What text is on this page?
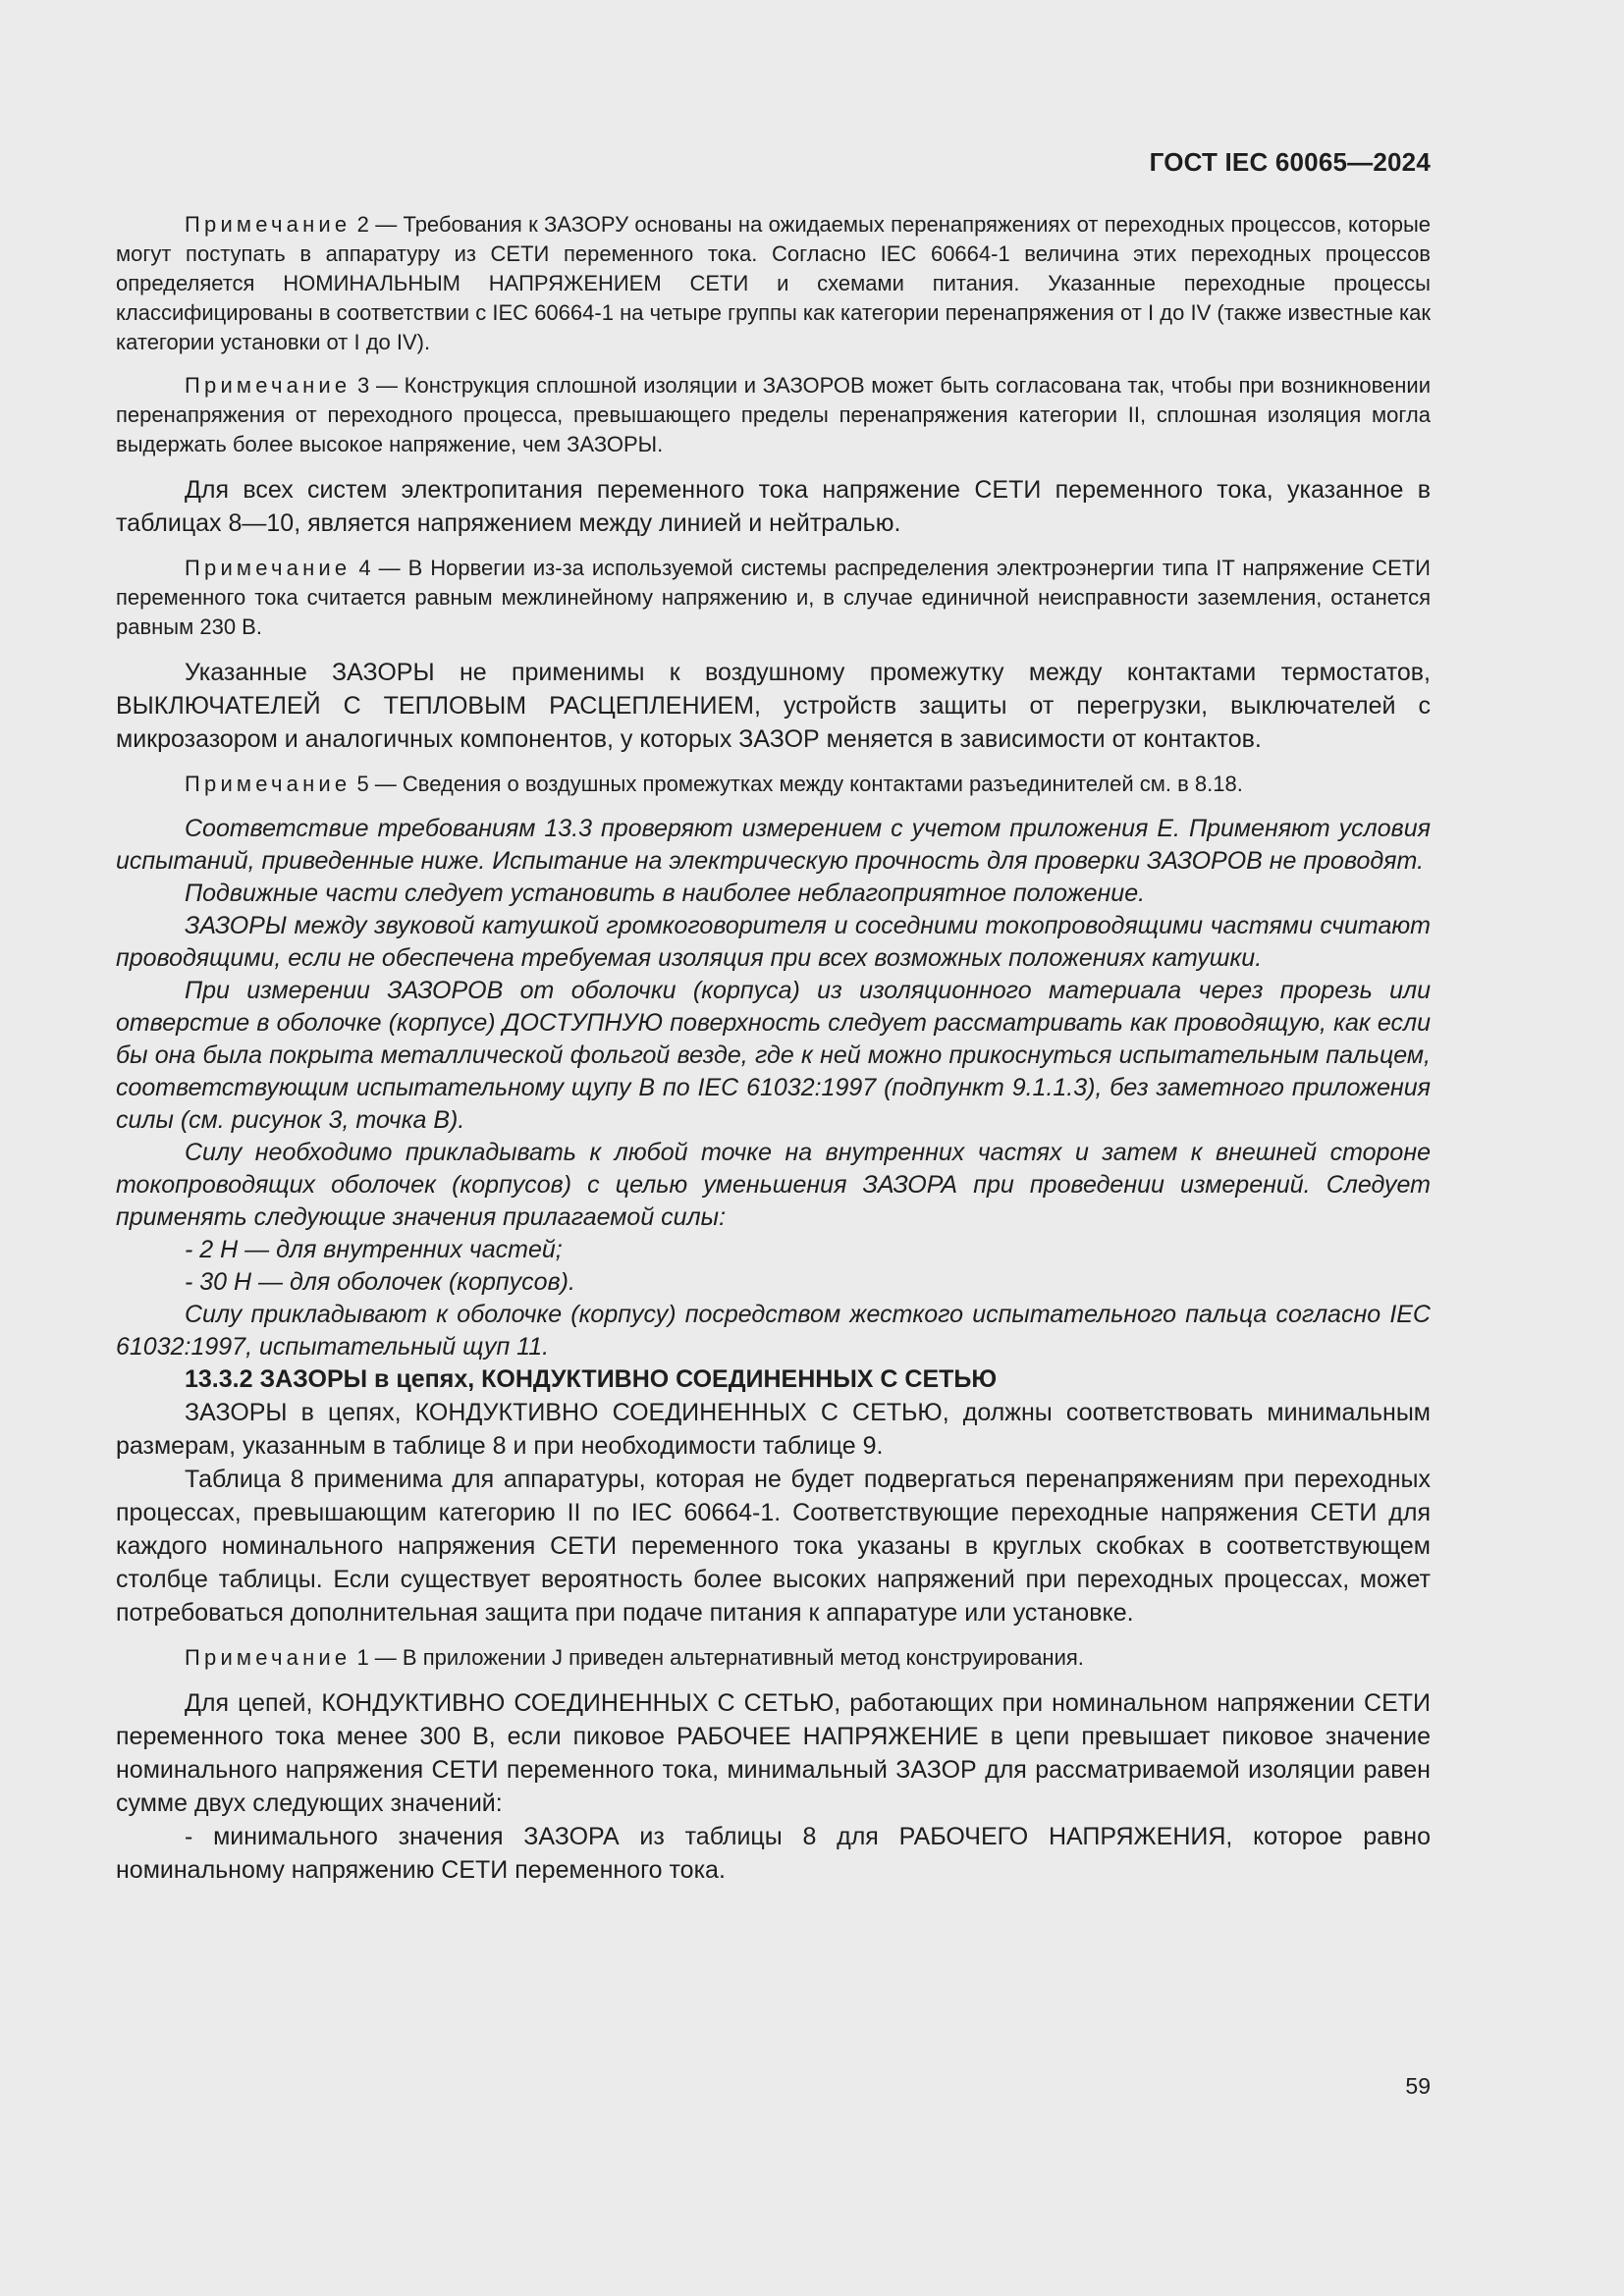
ГОСТ IEC 60065—2024

Примечание 2 — Требования к ЗАЗОРУ основаны на ожидаемых перенапряжениях от переходных процессов, которые могут поступать в аппаратуру из СЕТИ переменного тока. Согласно IEC 60664-1 величина этих переходных процессов определяется НОМИНАЛЬНЫМ НАПРЯЖЕНИЕМ СЕТИ и схемами питания. Указанные переходные процессы классифицированы в соответствии с IEC 60664-1 на четыре группы как категории перенапряжения от I до IV (также известные как категории установки от I до IV).

Примечание 3 — Конструкция сплошной изоляции и ЗАЗОРОВ может быть согласована так, чтобы при возникновении перенапряжения от переходного процесса, превышающего пределы перенапряжения категории II, сплошная изоляция могла выдержать более высокое напряжение, чем ЗАЗОРЫ.

Для всех систем электропитания переменного тока напряжение СЕТИ переменного тока, указанное в таблицах 8—10, является напряжением между линией и нейтралью.

Примечание 4 — В Норвегии из-за используемой системы распределения электроэнергии типа IT напряжение СЕТИ переменного тока считается равным межлинейному напряжению и, в случае единичной неисправности заземления, останется равным 230 В.

Указанные ЗАЗОРЫ не применимы к воздушному промежутку между контактами термостатов, ВЫКЛЮЧАТЕЛЕЙ С ТЕПЛОВЫМ РАСЦЕПЛЕНИЕМ, устройств защиты от перегрузки, выключателей с микрозазором и аналогичных компонентов, у которых ЗАЗОР меняется в зависимости от контактов.

Примечание 5 — Сведения о воздушных промежутках между контактами разъединителей см. в 8.18.

Соответствие требованиям 13.3 проверяют измерением с учетом приложения Е. Применяют условия испытаний, приведенные ниже. Испытание на электрическую прочность для проверки ЗАЗОРОВ не проводят.

Подвижные части следует установить в наиболее неблагоприятное положение.

ЗАЗОРЫ между звуковой катушкой громкоговорителя и соседними токопроводящими частями считают проводящими, если не обеспечена требуемая изоляция при всех возможных положениях катушки.

При измерении ЗАЗОРОВ от оболочки (корпуса) из изоляционного материала через прорезь или отверстие в оболочке (корпусе) ДОСТУПНУЮ поверхность следует рассматривать как проводящую, как если бы она была покрыта металлической фольгой везде, где к ней можно прикоснуться испытательным пальцем, соответствующим испытательному щупу В по IEC 61032:1997 (подпункт 9.1.1.3), без заметного приложения силы (см. рисунок 3, точка В).

Силу необходимо прикладывать к любой точке на внутренних частях и затем к внешней стороне токопроводящих оболочек (корпусов) с целью уменьшения ЗАЗОРА при проведении измерений. Следует применять следующие значения прилагаемой силы:

- 2 Н — для внутренних частей;

- 30 Н — для оболочек (корпусов).

Силу прикладывают к оболочке (корпусу) посредством жесткого испытательного пальца согласно IEC 61032:1997, испытательный щуп 11.

13.3.2 ЗАЗОРЫ в цепях, КОНДУКТИВНО СОЕДИНЕННЫХ С СЕТЬЮ

ЗАЗОРЫ в цепях, КОНДУКТИВНО СОЕДИНЕННЫХ С СЕТЬЮ, должны соответствовать минимальным размерам, указанным в таблице 8 и при необходимости таблице 9.

Таблица 8 применима для аппаратуры, которая не будет подвергаться перенапряжениям при переходных процессах, превышающим категорию II по IEC 60664-1. Соответствующие переходные напряжения СЕТИ для каждого номинального напряжения СЕТИ переменного тока указаны в круглых скобках в соответствующем столбце таблицы. Если существует вероятность более высоких напряжений при переходных процессах, может потребоваться дополнительная защита при подаче питания к аппаратуре или установке.

Примечание 1 — В приложении J приведен альтернативный метод конструирования.

Для цепей, КОНДУКТИВНО СОЕДИНЕННЫХ С СЕТЬЮ, работающих при номинальном напряжении СЕТИ переменного тока менее 300 В, если пиковое РАБОЧЕЕ НАПРЯЖЕНИЕ в цепи превышает пиковое значение номинального напряжения СЕТИ переменного тока, минимальный ЗАЗОР для рассматриваемой изоляции равен сумме двух следующих значений:

- минимального значения ЗАЗОРА из таблицы 8 для РАБОЧЕГО НАПРЯЖЕНИЯ, которое равно номинальному напряжению СЕТИ переменного тока.

59
